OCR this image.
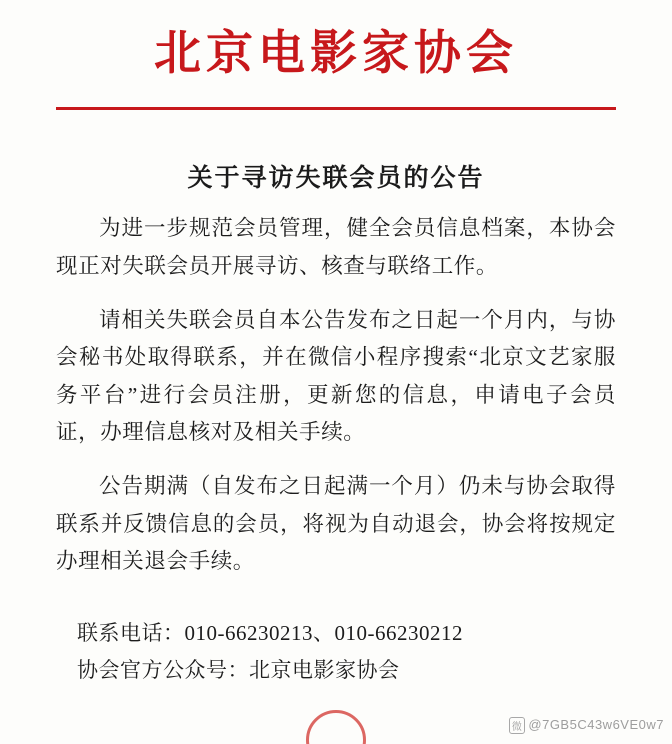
北京电影家协会
关于寻访失联会员的公告

为进一步规范会员管理，健全会员信息档案，本协会现正对失联会员开展寻访、核查与联络工作。

请相关失联会员自本公告发布之日起一个月内，与协会秘书处取得联系，并在微信小程序搜索“北京文艺家服务平台”进行会员注册，更新您的信息，申请电子会员证，办理信息核对及相关手续。

公告期满（自发布之日起满一个月）仍未与协会取得联系并反馈信息的会员，将视为自动退会，协会将按规定办理相关退会手续。

联系电话：010-66230213、010-66230212
协会官方公众号：北京电影家协会
微 @7GB5C43w6VE0w7
